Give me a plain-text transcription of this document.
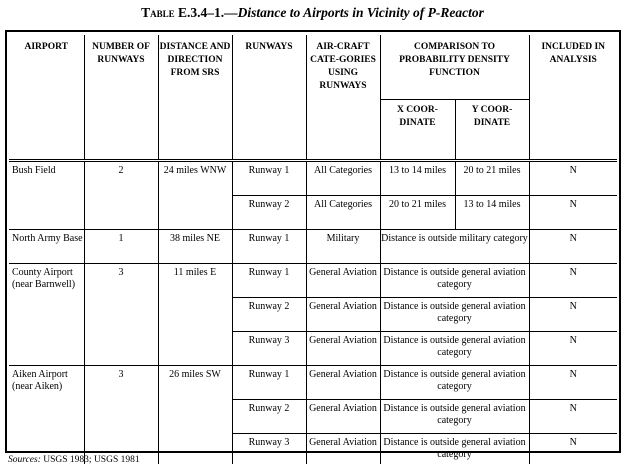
Table E.3.4–1.—Distance to Airports in Vicinity of P-Reactor
AIRPORT	NUMBER OF RUNWAYS	DISTANCE AND DIRECTION FROM SRS	RUNWAYS	AIR-CRAFT CATE-GORIES USING RUNWAYS	COMPARISON TO PROBABILITY DENSITY FUNCTION		INCLUDED IN ANALYSIS
					X COOR-DINATE	Y COOR-DINATE	
Bush Field	2	24 miles WNW	Runway 1	All Categories	13 to 14 miles	20 to 21 miles	N
			Runway 2	All Categories	20 to 21 miles	13 to 14 miles	N
North Army Base	1	38 miles NE	Runway 1	Military	Distance is outside military category		N
County Airport (near Barnwell)	3	11 miles E	Runway 1	General Aviation	Distance is outside general aviation category		N
			Runway 2	General Aviation	Distance is outside general aviation category		N
			Runway 3	General Aviation	Distance is outside general aviation category		N
Aiken Airport (near Aiken)	3	26 miles SW	Runway 1	General Aviation	Distance is outside general aviation category		N
			Runway 2	General Aviation	Distance is outside general aviation category		N
			Runway 3	General Aviation	Distance is outside general aviation category		N
Sources: USGS 1983; USGS 1981
